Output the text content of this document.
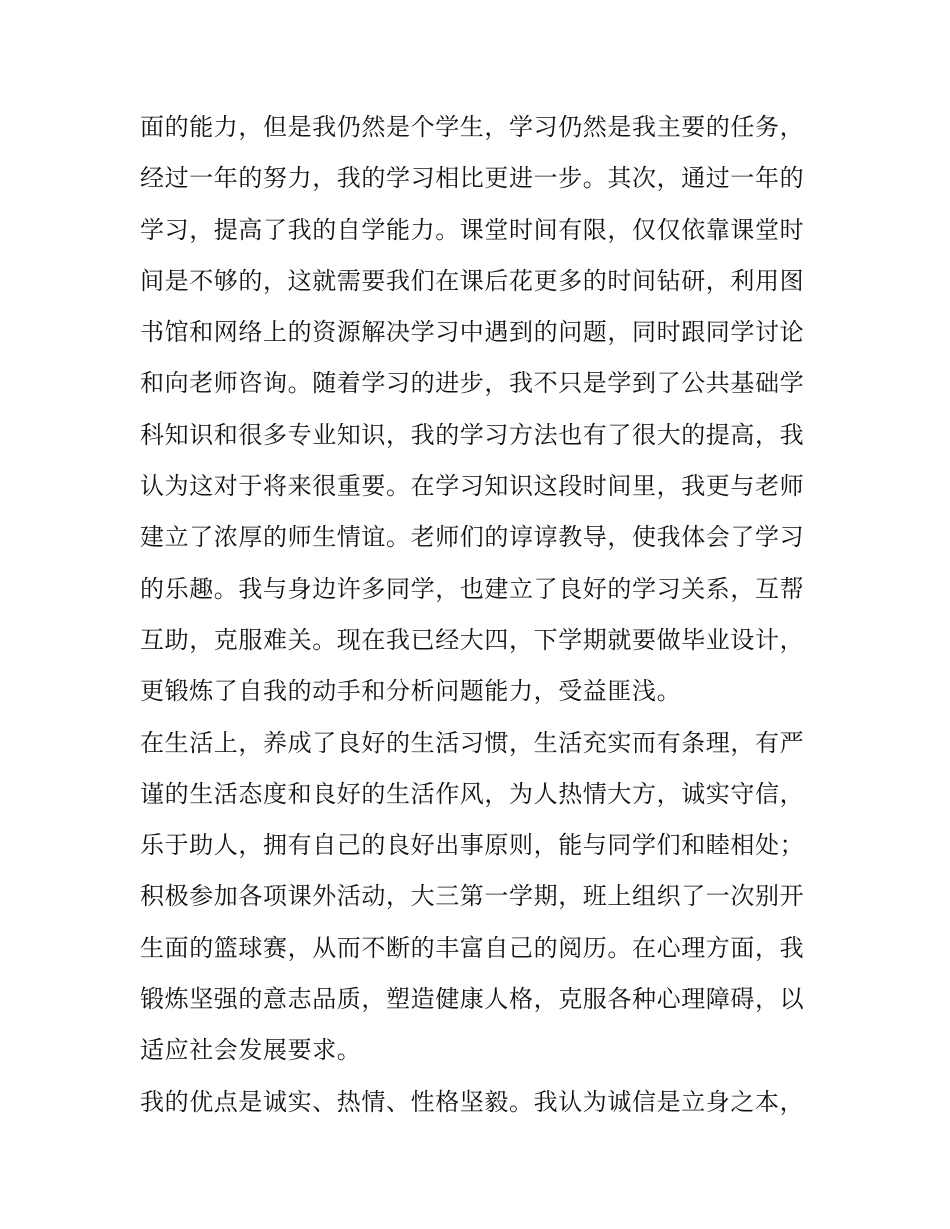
面的能力，但是我仍然是个学生，学习仍然是我主要的任务，
经过一年的努力，我的学习相比更进一步。其次，通过一年的
学习，提高了我的自学能力。课堂时间有限，仅仅依靠课堂时
间是不够的，这就需要我们在课后花更多的时间钻研，利用图
书馆和网络上的资源解决学习中遇到的问题，同时跟同学讨论
和向老师咨询。随着学习的进步，我不只是学到了公共基础学
科知识和很多专业知识，我的学习方法也有了很大的提高，我
认为这对于将来很重要。在学习知识这段时间里，我更与老师
建立了浓厚的师生情谊。老师们的谆谆教导，使我体会了学习
的乐趣。我与身边许多同学，也建立了良好的学习关系，互帮
互助，克服难关。现在我已经大四，下学期就要做毕业设计，
更锻炼了自我的动手和分析问题能力，受益匪浅。
在生活上，养成了良好的生活习惯，生活充实而有条理，有严
谨的生活态度和良好的生活作风，为人热情大方，诚实守信，
乐于助人，拥有自己的良好出事原则，能与同学们和睦相处；
积极参加各项课外活动，大三第一学期，班上组织了一次别开
生面的篮球赛，从而不断的丰富自己的阅历。在心理方面，我
锻炼坚强的意志品质，塑造健康人格，克服各种心理障碍，以
适应社会发展要求。
我的优点是诚实、热情、性格坚毅。我认为诚信是立身之本，
